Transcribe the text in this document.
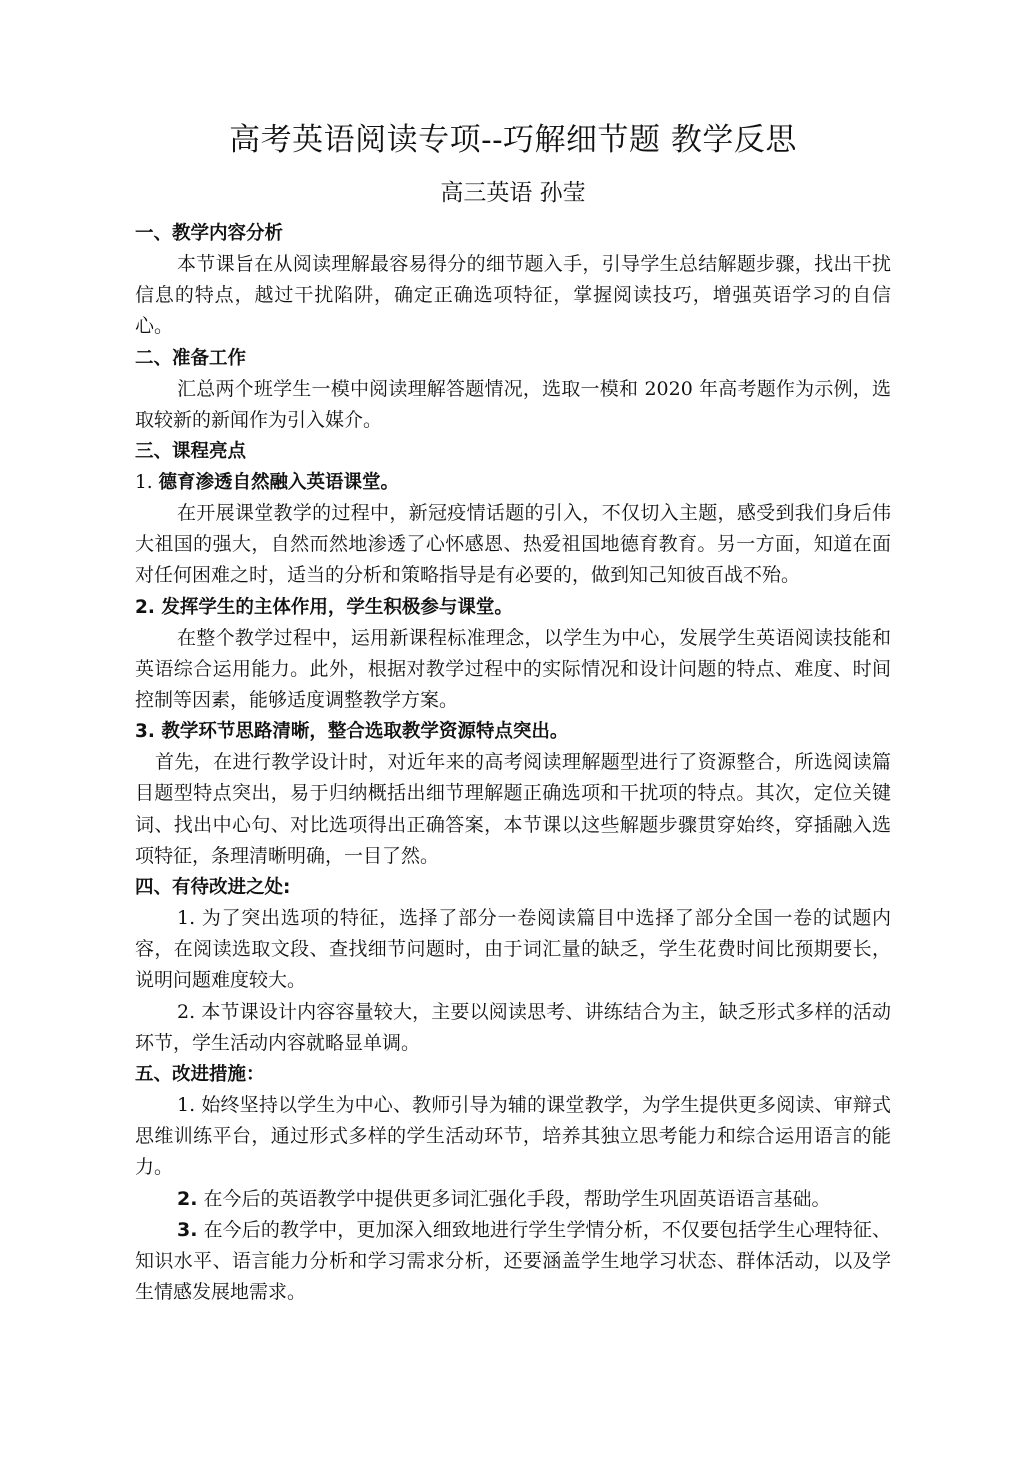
高考英语阅读专项--巧解细节题 教学反思
高三英语 孙莹

一、教学内容分析

本节课旨在从阅读理解最容易得分的细节题入手，引导学生总结解题步骤，找出干扰信息的特点，越过干扰陷阱，确定正确选项特征，掌握阅读技巧，增强英语学习的自信心。

二、准备工作

汇总两个班学生一模中阅读理解答题情况，选取一模和 2020 年高考题作为示例，选取较新的新闻作为引入媒介。

三、课程亮点

1. 德育渗透自然融入英语课堂。

在开展课堂教学的过程中，新冠疫情话题的引入，不仅切入主题，感受到我们身后伟大祖国的强大，自然而然地渗透了心怀感恩、热爱祖国地德育教育。另一方面，知道在面对任何困难之时，适当的分析和策略指导是有必要的，做到知己知彼百战不殆。

2. 发挥学生的主体作用，学生积极参与课堂。

在整个教学过程中，运用新课程标准理念，以学生为中心，发展学生英语阅读技能和英语综合运用能力。此外，根据对教学过程中的实际情况和设计问题的特点、难度、时间控制等因素，能够适度调整教学方案。

3. 教学环节思路清晰，整合选取教学资源特点突出。

首先，在进行教学设计时，对近年来的高考阅读理解题型进行了资源整合，所选阅读篇目题型特点突出，易于归纳概括出细节理解题正确选项和干扰项的特点。其次，定位关键词、找出中心句、对比选项得出正确答案，本节课以这些解题步骤贯穿始终，穿插融入选项特征，条理清晰明确，一目了然。

四、有待改进之处:

1. 为了突出选项的特征，选择了部分一卷阅读篇目中选择了部分全国一卷的试题内容，在阅读选取文段、查找细节问题时，由于词汇量的缺乏，学生花费时间比预期要长，说明问题难度较大。

2. 本节课设计内容容量较大，主要以阅读思考、讲练结合为主，缺乏形式多样的活动环节，学生活动内容就略显单调。

五、改进措施：

1. 始终坚持以学生为中心、教师引导为辅的课堂教学，为学生提供更多阅读、审辩式思维训练平台，通过形式多样的学生活动环节，培养其独立思考能力和综合运用语言的能力。

2. 在今后的英语教学中提供更多词汇强化手段，帮助学生巩固英语语言基础。

3. 在今后的教学中，更加深入细致地进行学生学情分析，不仅要包括学生心理特征、知识水平、语言能力分析和学习需求分析，还要涵盖学生地学习状态、群体活动，以及学生情感发展地需求。
